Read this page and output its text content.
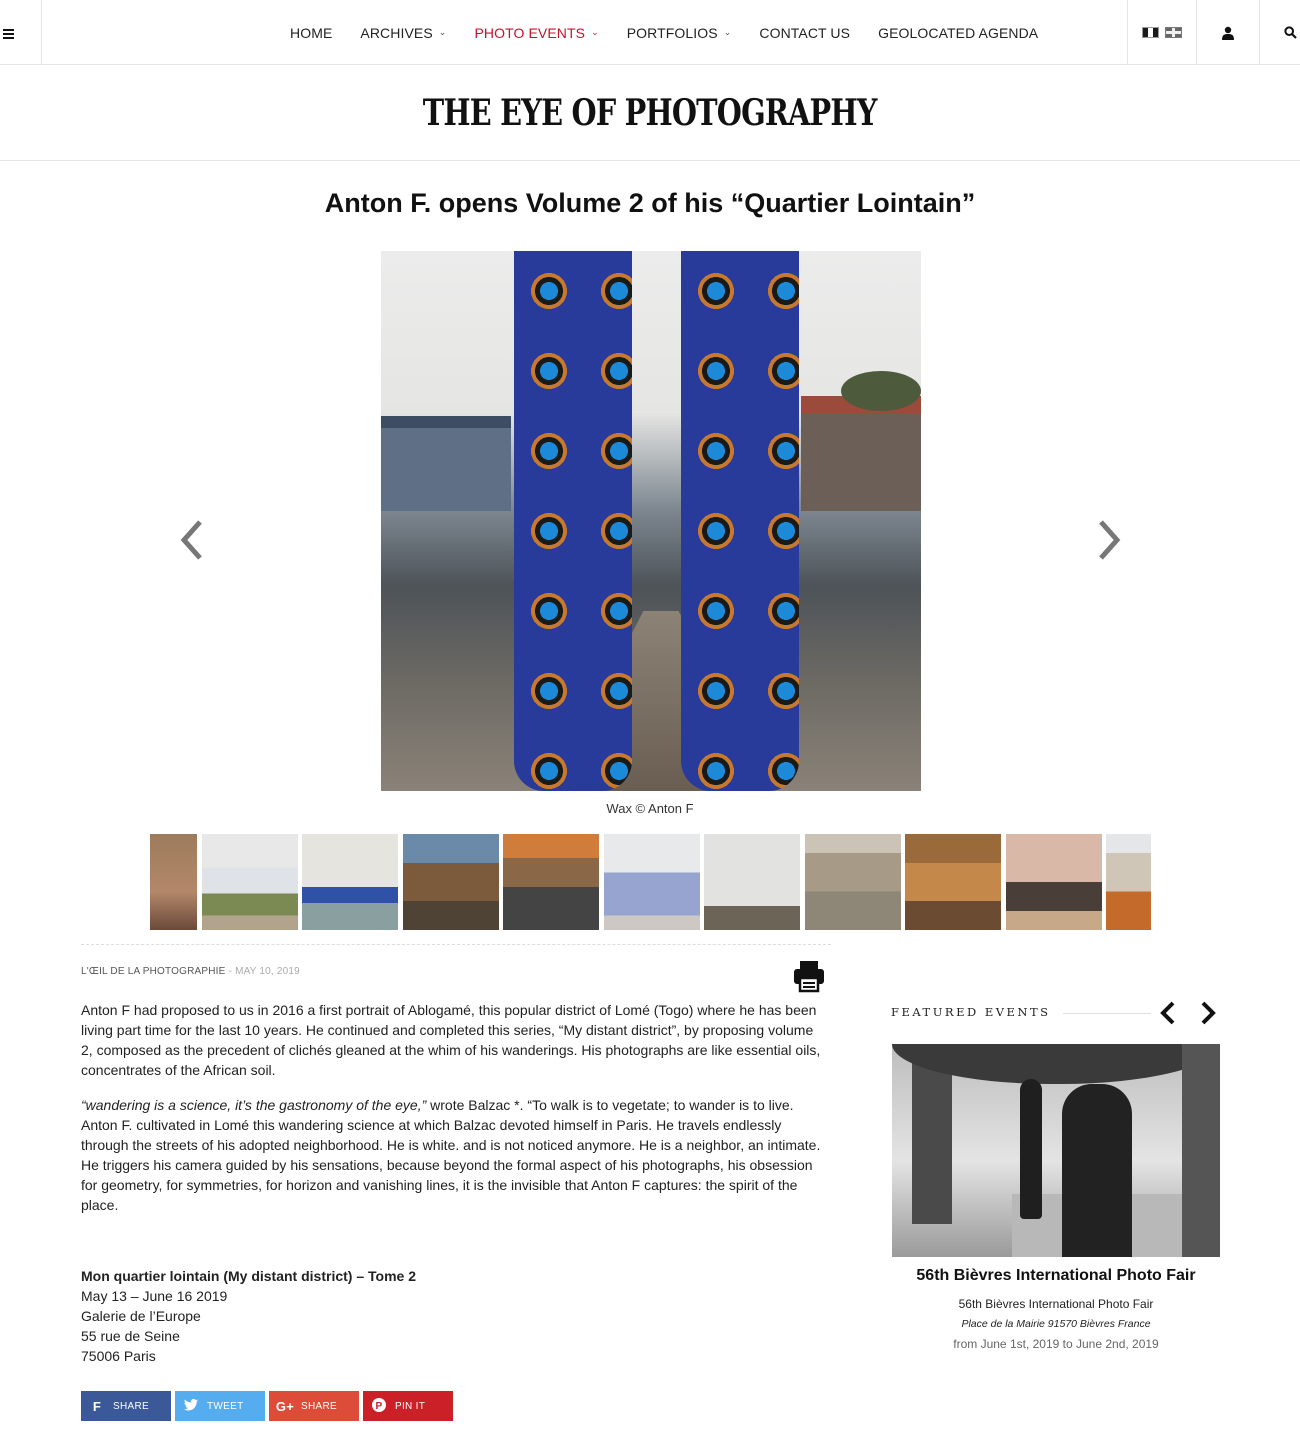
HOME ARCHIVES ⌄ PHOTO EVENTS ⌄ PORTFOLIOS ⌄ CONTACT US GEOLOCATED AGENDA
THE EYE OF PHOTOGRAPHY
Anton F. opens Volume 2 of his “Quartier Lointain”
Wax © Anton F
L'ŒIL DE LA PHOTOGRAPHIE - MAY 10, 2019

Anton F had proposed to us in 2016 a first portrait of Ablogamé, this popular district of Lomé (Togo) where he has been living part time for the last 10 years. He continued and completed this series, “My distant district”, by proposing volume 2, composed as the precedent of clichés gleaned at the whim of his wanderings. His photographs are like essential oils, concentrates of the African soil.

“wandering is a science, it’s the gastronomy of the eye,” wrote Balzac *. “To walk is to vegetate; to wander is to live. Anton F. cultivated in Lomé this wandering science at which Balzac devoted himself in Paris. He travels endlessly through the streets of his adopted neighborhood. He is white. and is not noticed anymore. He is a neighbor, an intimate. He triggers his camera guided by his sensations, because beyond the formal aspect of his photographs, his obsession for geometry, for symmetries, for horizon and vanishing lines, it is the invisible that Anton F captures: the spirit of the place.

Mon quartier lointain (My distant district) – Tome 2
May 13 – June 16 2019
Galerie de l’Europe
55 rue de Seine
75006 Paris
F	SHARE	TWEET	G+ SHARE	P PIN IT
FEATURED EVENTS
56th Bièvres International Photo Fair
56th Bièvres International Photo Fair
Place de la Mairie 91570 Bièvres France
from June 1st, 2019 to June 2nd, 2019
